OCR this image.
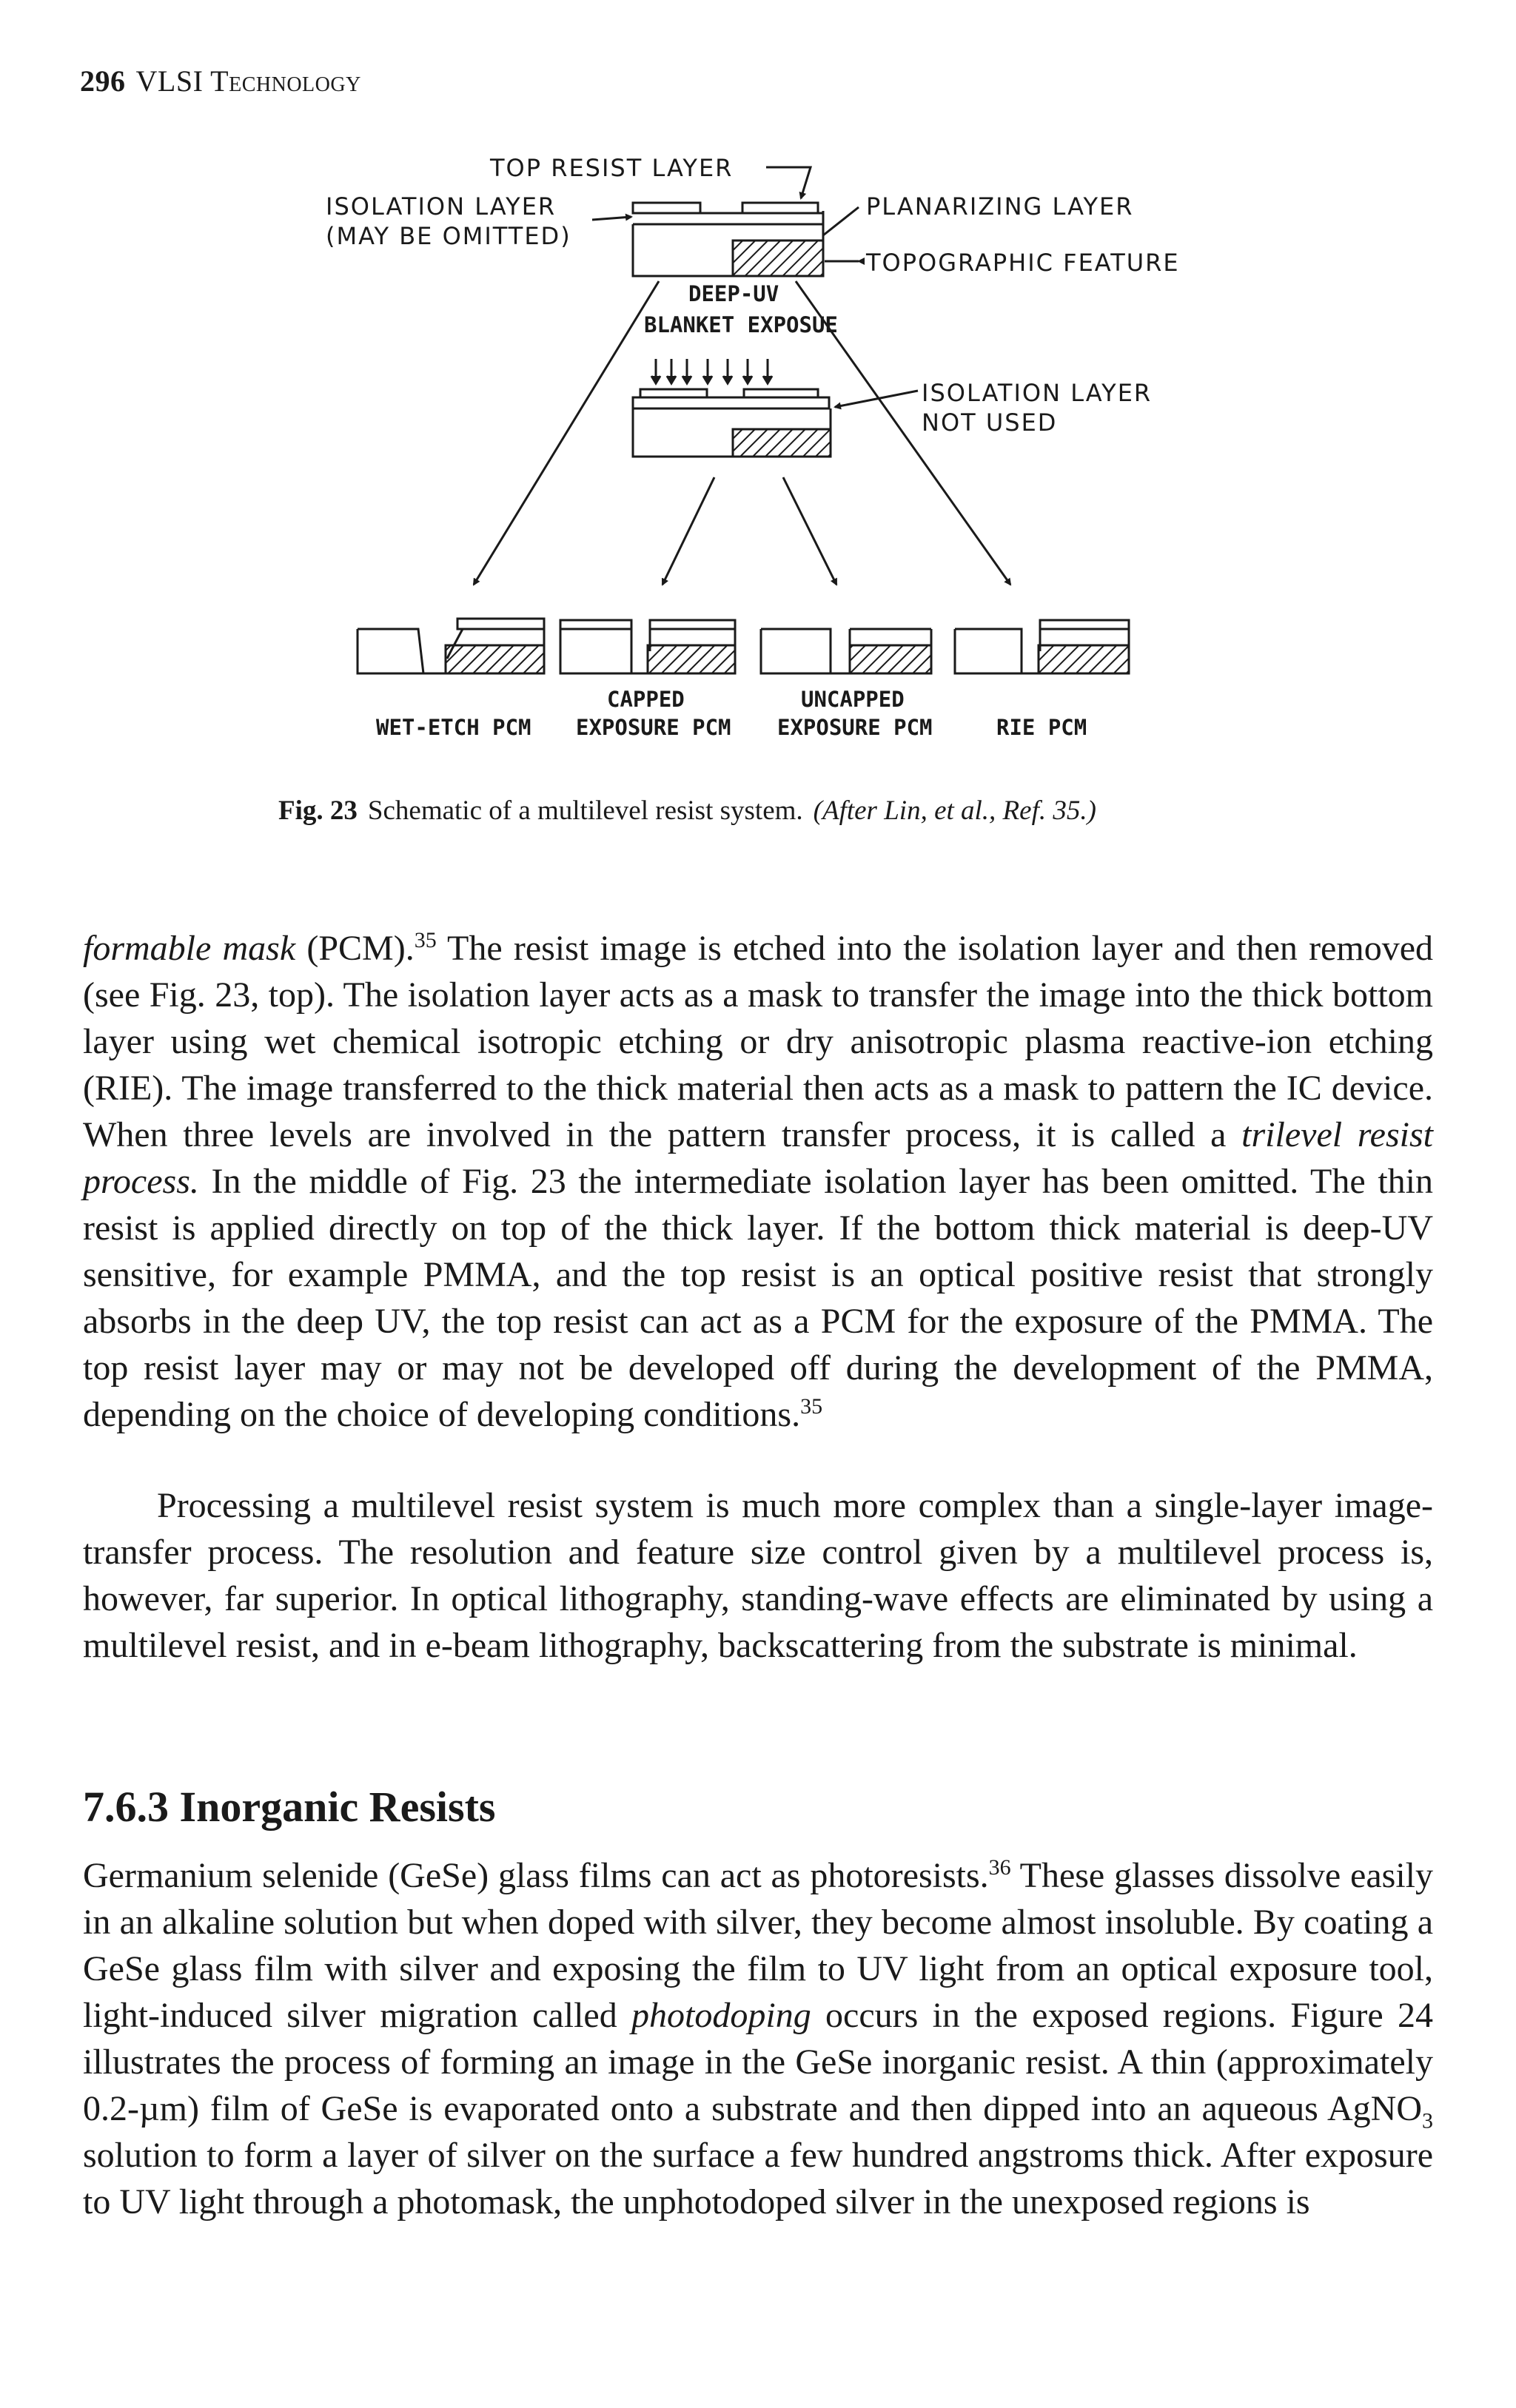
296 VLSI Technology
TOP RESIST LAYER
ISOLATION LAYER
(MAY BE OMITTED)
PLANARIZING LAYER
TOPOGRAPHIC FEATURE
DEEP-UV
BLANKET EXPOSUE
ISOLATION LAYER
NOT USED
WET-ETCH PCM
CAPPED
EXPOSURE PCM
UNCAPPED
EXPOSURE PCM	RIE PCM
Fig. 23 Schematic of a multilevel resist system. (After Lin, et al., Ref. 35.)

formable mask (PCM).$^{35}$ The resist image is etched into the isolation layer and then removed (see Fig. 23, top). The isolation layer acts as a mask to transfer the image into the thick bottom layer using wet chemical isotropic etching or dry anisotropic plasma reactive-ion etching (RIE). The image transferred to the thick material then acts as a mask to pattern the IC device. When three levels are involved in the pattern transfer process, it is called a trilevel resist process. In the middle of Fig. 23 the intermediate isolation layer has been omitted. The thin resist is applied directly on top of the thick layer. If the bottom thick material is deep-UV sensitive, for example PMMA, and the top resist is an optical positive resist that strongly absorbs in the deep UV, the top resist can act as a PCM for the exposure of the PMMA. The top resist layer may or may not be developed off during the development of the PMMA, depending on the choice of developing conditions.$^{35}$

Processing a multilevel resist system is much more complex than a single-layer image-transfer process. The resolution and feature size control given by a multilevel process is, however, far superior. In optical lithography, standing-wave effects are eliminated by using a multilevel resist, and in e-beam lithography, backscattering from the substrate is minimal.

7.6.3 Inorganic Resists

Germanium selenide (GeSe) glass films can act as photoresists.$^{36}$ These glasses dissolve easily in an alkaline solution but when doped with silver, they become almost insoluble. By coating a GeSe glass film with silver and exposing the film to UV light from an optical exposure tool, light-induced silver migration called photodoping occurs in the exposed regions. Figure 24 illustrates the process of forming an image in the GeSe inorganic resist. A thin (approximately 0.2-µm) film of GeSe is evaporated onto a substrate and then dipped into an aqueous AgNO$_3$ solution to form a layer of silver on the surface a few hundred angstroms thick. After exposure to UV light through a photomask, the unphotodoped silver in the unexposed regions is
